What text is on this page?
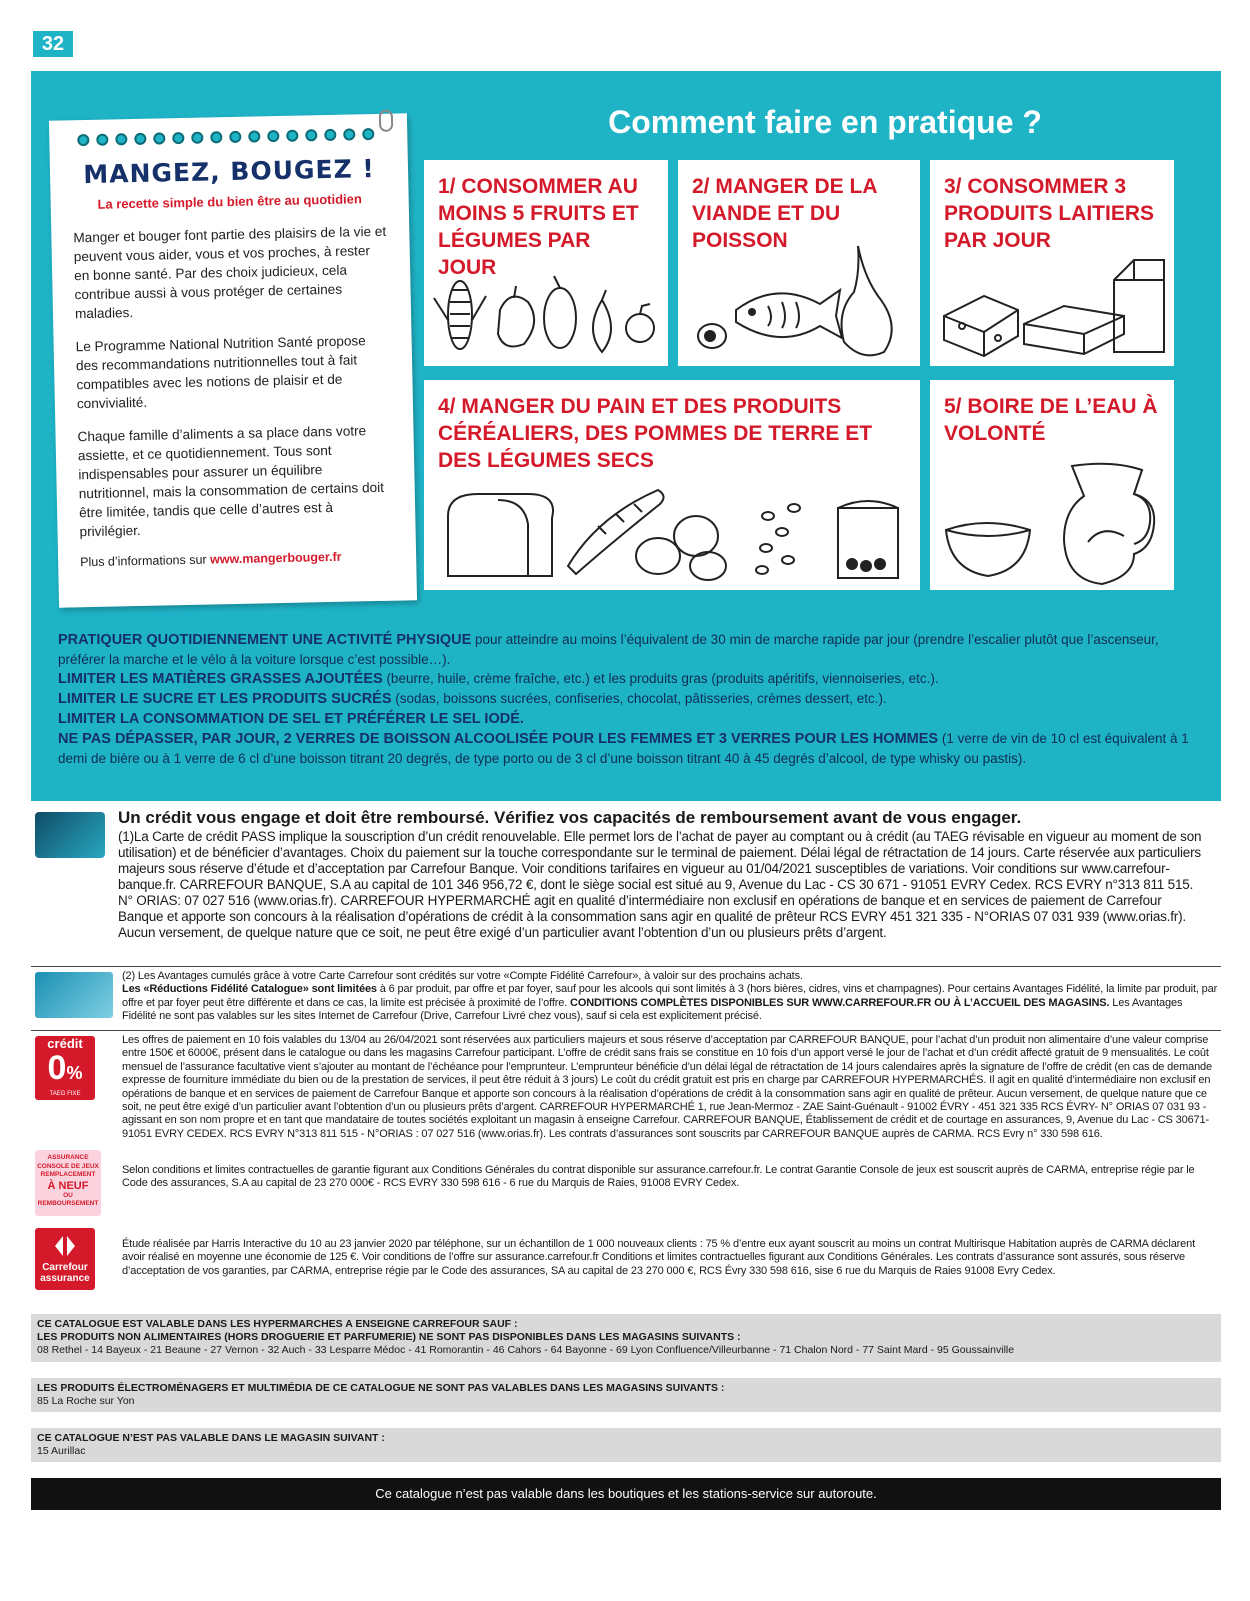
32
MANGEZ, BOUGEZ !
La recette simple du bien être au quotidien

Manger et bouger font partie des plaisirs de la vie et peuvent vous aider, vous et vos proches, à rester en bonne santé. Par des choix judicieux, cela contribue aussi à vous protéger de certaines maladies.

Le Programme National Nutrition Santé propose des recommandations nutritionnelles tout à fait compatibles avec les notions de plaisir et de convivialité.

Chaque famille d’aliments a sa place dans votre assiette, et ce quotidiennement. Tous sont indispensables pour assurer un équilibre nutritionnel, mais la consommation de certains doit être limitée, tandis que celle d’autres est à privilégier.

Plus d’informations sur www.mangerbouger.fr

Comment faire en pratique ?
1/ CONSOMMER AU MOINS 5 FRUITS ET LÉGUMES PAR JOUR
2/ MANGER DE LA VIANDE ET DU POISSON
3/ CONSOMMER 3 PRODUITS LAITIERS PAR JOUR
4/ MANGER DU PAIN ET DES PRODUITS CÉRÉALIERS, DES POMMES DE TERRE ET DES LÉGUMES SECS
5/ BOIRE DE L’EAU À VOLONTÉ
PRATIQUER QUOTIDIENNEMENT UNE ACTIVITÉ PHYSIQUE pour atteindre au moins l’équivalent de 30 min de marche rapide par jour (prendre l’escalier plutôt que l’ascenseur, préférer la marche et le vélo à la voiture lorsque c’est possible…).
LIMITER LES MATIÈRES GRASSES AJOUTÉES (beurre, huile, crème fraîche, etc.) et les produits gras (produits apéritifs, viennoiseries, etc.).
LIMITER LE SUCRE ET LES PRODUITS SUCRÉS (sodas, boissons sucrées, confiseries, chocolat, pâtisseries, crèmes dessert, etc.).
LIMITER LA CONSOMMATION DE SEL ET PRÉFÉRER LE SEL IODÉ.
NE PAS DÉPASSER, PAR JOUR, 2 VERRES DE BOISSON ALCOOLISÉE POUR LES FEMMES ET 3 VERRES POUR LES HOMMES (1 verre de vin de 10 cl est équivalent à 1 demi de bière ou à 1 verre de 6 cl d’une boisson titrant 20 degrés, de type porto ou de 3 cl d’une boisson titrant 40 à 45 degrés d’alcool, de type whisky ou pastis).
Un crédit vous engage et doit être remboursé. Vérifiez vos capacités de remboursement avant de vous engager.
(1)La Carte de crédit PASS implique la souscription d’un crédit renouvelable. Elle permet lors de l’achat de payer au comptant ou à crédit (au TAEG révisable en vigueur au moment de son utilisation) et de bénéficier d’avantages. Choix du paiement sur la touche correspondante sur le terminal de paiement. Délai légal de rétractation de 14 jours. Carte réservée aux particuliers majeurs sous réserve d’étude et d’acceptation par Carrefour Banque. Voir conditions tarifaires en vigueur au 01/04/2021 susceptibles de variations. Voir conditions sur www.carrefour-banque.fr. CARREFOUR BANQUE, S.A au capital de 101 346 956,72 €, dont le siège social est situé au 9, Avenue du Lac - CS 30 671 - 91051 EVRY Cedex. RCS EVRY n°313 811 515. N° ORIAS: 07 027 516 (www.orias.fr). CARREFOUR HYPERMARCHÉ agit en qualité d’intermédiaire non exclusif en opérations de banque et en services de paiement de Carrefour Banque et apporte son concours à la réalisation d’opérations de crédit à la consommation sans agir en qualité de prêteur RCS EVRY 451 321 335 - N°ORIAS 07 031 939 (www.orias.fr). Aucun versement, de quelque nature que ce soit, ne peut être exigé d’un particulier avant l’obtention d’un ou plusieurs prêts d’argent.
(2) Les Avantages cumulés grâce à votre Carte Carrefour sont crédités sur votre «Compte Fidélité Carrefour», à valoir sur des prochains achats.
Les «Réductions Fidélité Catalogue» sont limitées à 6 par produit, par offre et par foyer, sauf pour les alcools qui sont limités à 3 (hors bières, cidres, vins et champagnes). Pour certains Avantages Fidélité, la limite par produit, par offre et par foyer peut être différente et dans ce cas, la limite est précisée à proximité de l’offre. CONDITIONS COMPLÈTES DISPONIBLES SUR WWW.CARREFOUR.FR OU À L’ACCUEIL DES MAGASINS. Les Avantages Fidélité ne sont pas valables sur les sites Internet de Carrefour (Drive, Carrefour Livré chez vous), sauf si cela est explicitement précisé.
crédit
0%
TAEG FIXE
Les offres de paiement en 10 fois valables du 13/04 au 26/04/2021 sont réservées aux particuliers majeurs et sous réserve d’acceptation par CARREFOUR BANQUE, pour l’achat d’un produit non alimentaire d’une valeur comprise entre 150€ et 6000€, présent dans le catalogue ou dans les magasins Carrefour participant. L’offre de crédit sans frais se constitue en 10 fois d’un apport versé le jour de l’achat et d’un crédit affecté gratuit de 9 mensualités. Le coût mensuel de l’assurance facultative vient s’ajouter au montant de l’échéance pour l’emprunteur. L’emprunteur bénéficie d’un délai légal de rétractation de 14 jours calendaires après la signature de l’offre de crédit (en cas de demande expresse de fourniture immédiate du bien ou de la prestation de services, il peut être réduit à 3 jours) Le coût du crédit gratuit est pris en charge par CARREFOUR HYPERMARCHÉS. Il agit en qualité d’intermédiaire non exclusif en opérations de banque et en services de paiement de Carrefour Banque et apporte son concours à la réalisation d’opérations de crédit à la consommation sans agir en qualité de prêteur. Aucun versement, de quelque nature que ce soit, ne peut être exigé d’un particulier avant l’obtention d’un ou plusieurs prêts d’argent. CARREFOUR HYPERMARCHÉ 1, rue Jean-Mermoz - ZAE Saint-Guénault - 91002 ÉVRY - 451 321 335 RCS ÉVRY- N° ORIAS 07 031 93 - agissant en son nom propre et en tant que mandataire de toutes sociétés exploitant un magasin à enseigne Carrefour. CARREFOUR BANQUE, Établissement de crédit et de courtage en assurances, 9, Avenue du Lac - CS 30671- 91051 EVRY CEDEX. RCS EVRY N°313 811 515 - N°ORIAS : 07 027 516 (www.orias.fr). Les contrats d’assurances sont souscrits par CARREFOUR BANQUE auprès de CARMA. RCS Evry n° 330 598 616.
ASSURANCE
CONSOLE DE JEUX
REMPLACEMENT
À NEUF
OU
REMBOURSEMENT
Selon conditions et limites contractuelles de garantie figurant aux Conditions Générales du contrat disponible sur assurance.carrefour.fr. Le contrat Garantie Console de jeux est souscrit auprès de CARMA, entreprise régie par le Code des assurances, S.A au capital de 23 270 000€ - RCS EVRY 330 598 616 - 6 rue du Marquis de Raies, 91008 EVRY Cedex.
Carrefour
assurance
Étude réalisée par Harris Interactive du 10 au 23 janvier 2020 par téléphone, sur un échantillon de 1 000 nouveaux clients : 75 % d’entre eux ayant souscrit au moins un contrat Multirisque Habitation auprès de CARMA déclarent avoir réalisé en moyenne une économie de 125 €. Voir conditions de l’offre sur assurance.carrefour.fr Conditions et limites contractuelles figurant aux Conditions Générales. Les contrats d’assurance sont assurés, sous réserve d’acceptation de vos garanties, par CARMA, entreprise régie par le Code des assurances, SA au capital de 23 270 000 €, RCS Évry 330 598 616, sise 6 rue du Marquis de Raies 91008 Evry Cedex.
CE CATALOGUE EST VALABLE DANS LES HYPERMARCHES A ENSEIGNE CARREFOUR SAUF :
LES PRODUITS NON ALIMENTAIRES (HORS DROGUERIE ET PARFUMERIE) NE SONT PAS DISPONIBLES DANS LES MAGASINS SUIVANTS :
08 Rethel - 14 Bayeux - 21 Beaune - 27 Vernon - 32 Auch - 33 Lesparre Médoc - 41 Romorantin - 46 Cahors - 64 Bayonne - 69 Lyon Confluence/Villeurbanne - 71 Chalon Nord - 77 Saint Mard - 95 Goussainville
LES PRODUITS ÉLECTROMÉNAGERS ET MULTIMÉDIA DE CE CATALOGUE NE SONT PAS VALABLES DANS LES MAGASINS SUIVANTS :
85 La Roche sur Yon
CE CATALOGUE N’EST PAS VALABLE DANS LE MAGASIN SUIVANT :
15 Aurillac
Ce catalogue n’est pas valable dans les boutiques et les stations-service sur autoroute.
